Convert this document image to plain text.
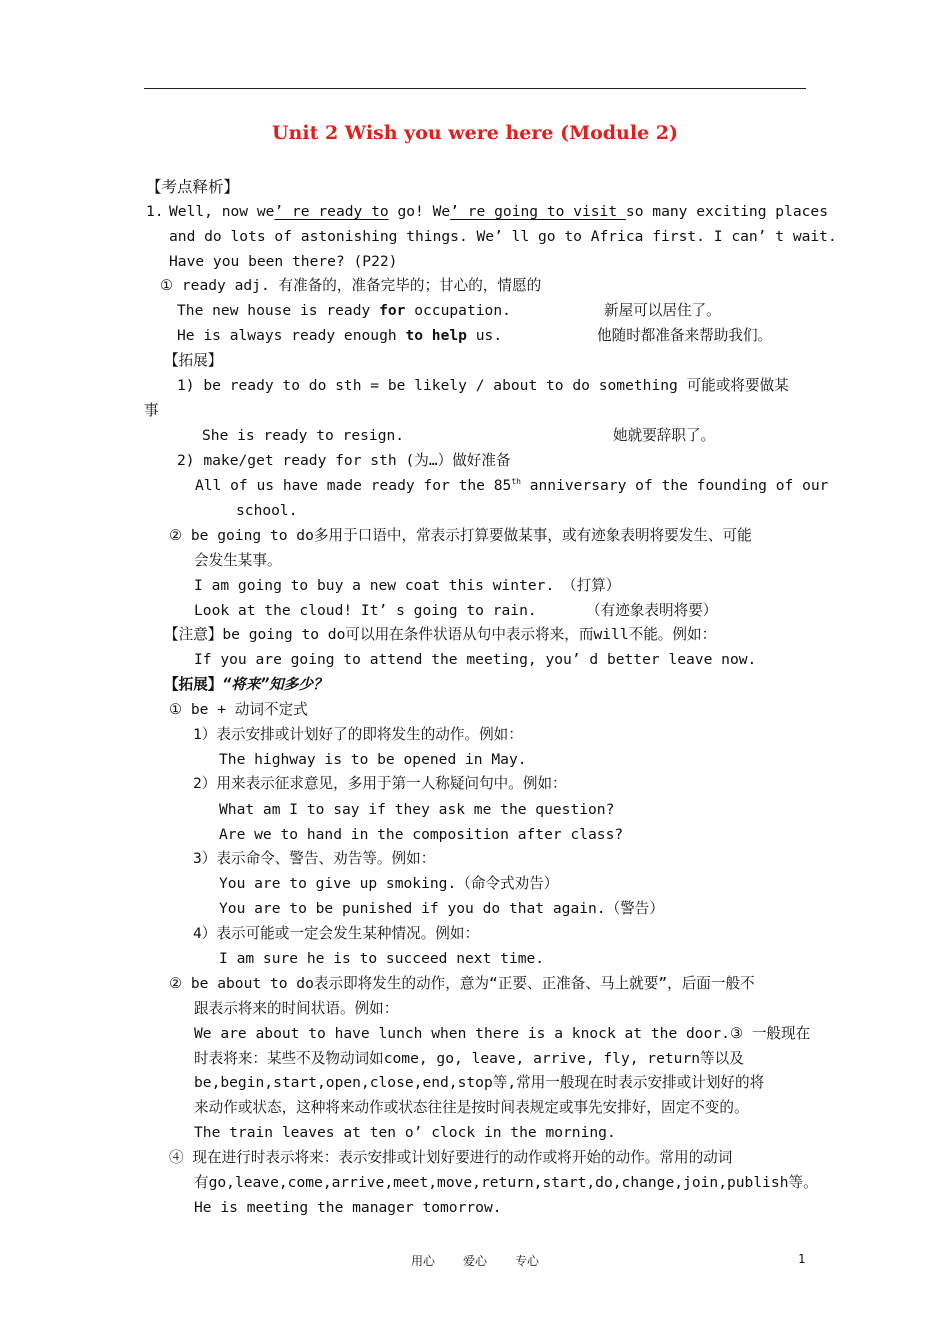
Unit 2 Wish you were here (Module 2)
【考点释析】
1. Well, now we’ re ready to go! We’ re going to visit so many exciting places
and do lots of astonishing things. We’ ll go to Africa first. I can’ t wait.
Have you been there? (P22)
① ready adj. 有准备的，准备完毕的；甘心的，情愿的
The new house is ready for occupation.	新屋可以居住了。
He is always ready enough to help us.	他随时都准备来帮助我们。
【拓展】
1) be ready to do sth = be likely / about to do something 可能或将要做某
事
She is ready to resign.	她就要辞职了。
2) make/get ready for sth (为…）做好准备
All of us have made ready for the 85th anniversary of the founding of our
school.
② be going to do多用于口语中，常表示打算要做某事，或有迹象表明将要发生、可能
会发生某事。
I am going to buy a new coat this winter. （打算）
Look at the cloud! It’ s going to rain.	（有迹象表明将要）
【注意】be going to do可以用在条件状语从句中表示将来，而will不能。例如：
If you are going to attend the meeting, you’ d better leave now.
【拓展】“将来”知多少？
① be + 动词不定式
1）表示安排或计划好了的即将发生的动作。例如：
The highway is to be opened in May.
2）用来表示征求意见，多用于第一人称疑问句中。例如：
What am I to say if they ask me the question?
Are we to hand in the composition after class?
3）表示命令、警告、劝告等。例如：
You are to give up smoking.（命令式劝告）
You are to be punished if you do that again.（警告）
4）表示可能或一定会发生某种情况。例如：
I am sure he is to succeed next time.
② be about to do表示即将发生的动作，意为“正要、正准备、马上就要”，后面一般不
跟表示将来的时间状语。例如：
We are about to have lunch when there is a knock at the door.③ 一般现在
时表将来：某些不及物动词如come, go, leave, arrive, fly, return等以及
be,begin,start,open,close,end,stop等,常用一般现在时表示安排或计划好的将
来动作或状态，这种将来动作或状态往往是按时间表规定或事先安排好，固定不变的。
The train leaves at ten o’ clock in the morning.
④ 现在进行时表示将来：表示安排或计划好要进行的动作或将开始的动作。常用的动词
有go,leave,come,arrive,meet,move,return,start,do,change,join,publish等。
He is meeting the manager tomorrow.
用心 爱心 专心	1
